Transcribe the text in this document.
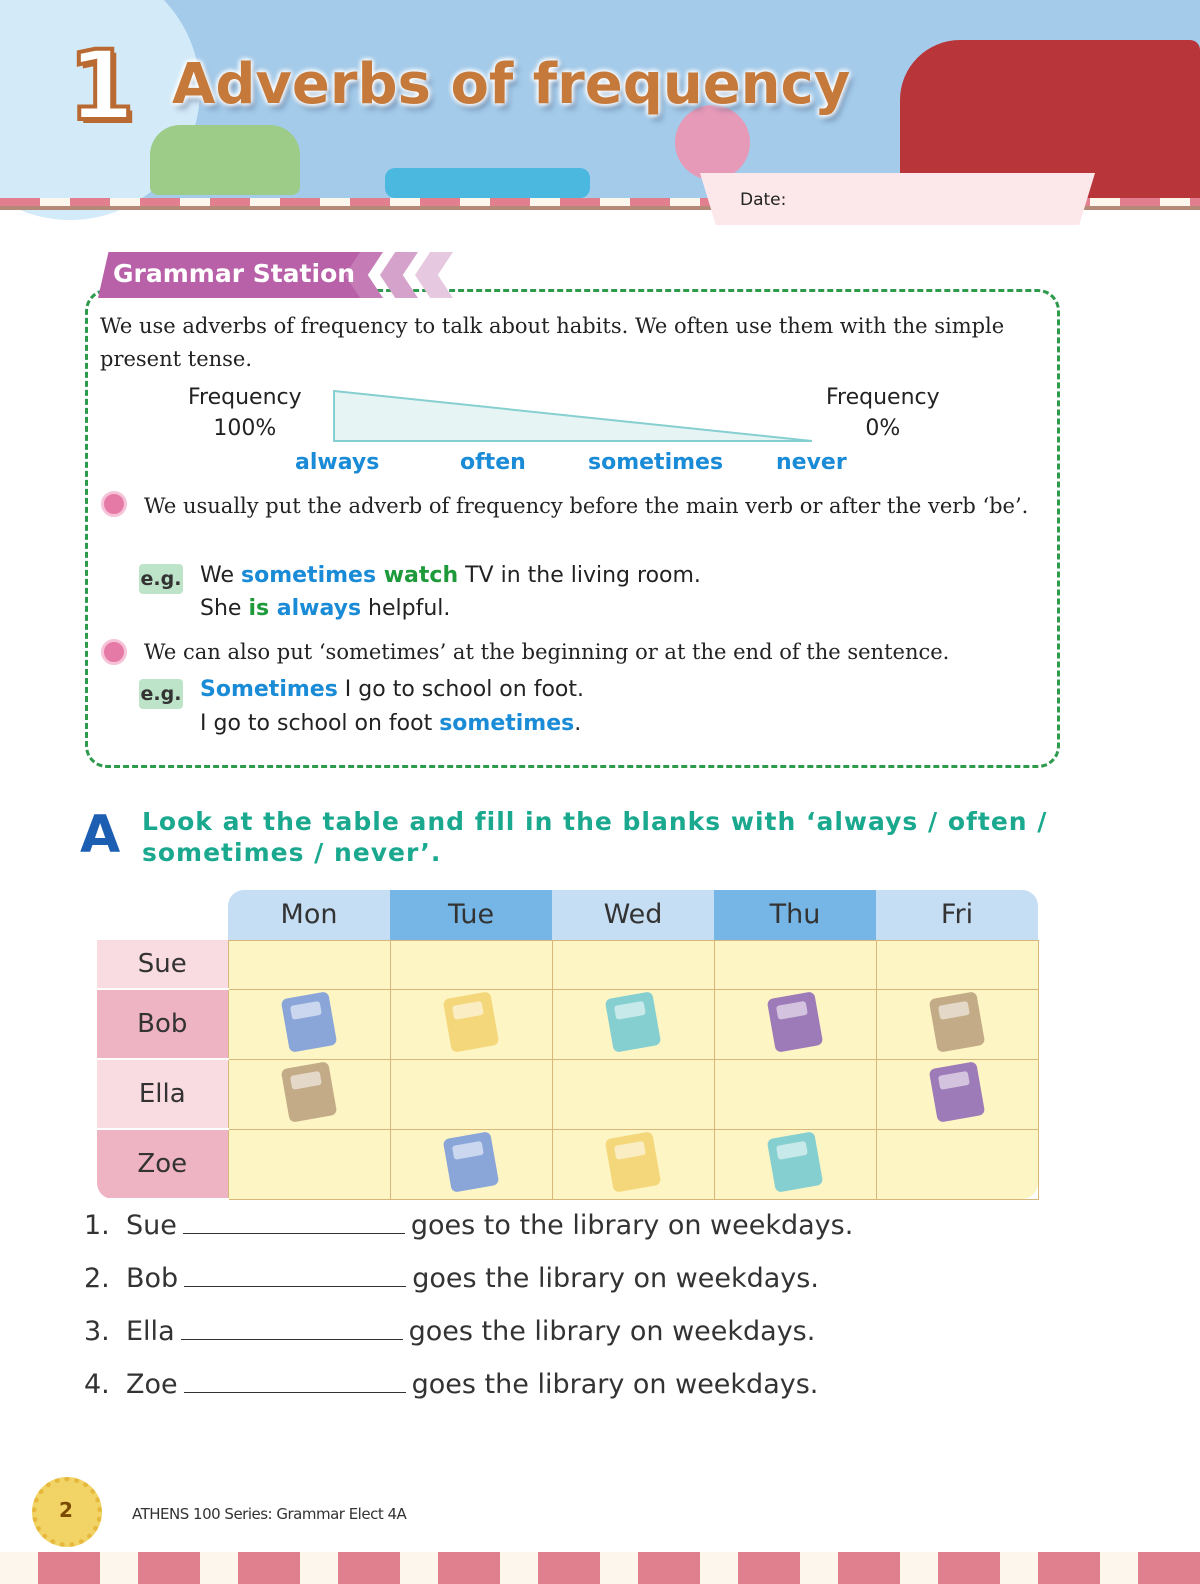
1 Adverbs of frequency
Date:
Grammar Station
We use adverbs of frequency to talk about habits. We often use them with the simple present tense.
Frequency
100%
Frequency
0%
always	often	sometimes never
We usually put the adverb of frequency before the main verb or after the verb ‘be’.
e.g. We sometimes watch TV in the living room.
She is always helpful.
We can also put ‘sometimes’ at the beginning or at the end of the sentence.
e.g. Sometimes I go to school on foot.
I go to school on foot sometimes.
A Look at the table and fill in the blanks with ‘always / often / sometimes / never’.
	Mon	Tue	Wed	Thu	Fri
Sue					
Bob					
Ella					
Zoe					
1. Sue	goes to the library on weekdays.
2. Bob	goes the library on weekdays.
3. Ella	goes the library on weekdays.
4. Zoe	goes the library on weekdays.
2	ATHENS 100 Series: Grammar Elect 4A
